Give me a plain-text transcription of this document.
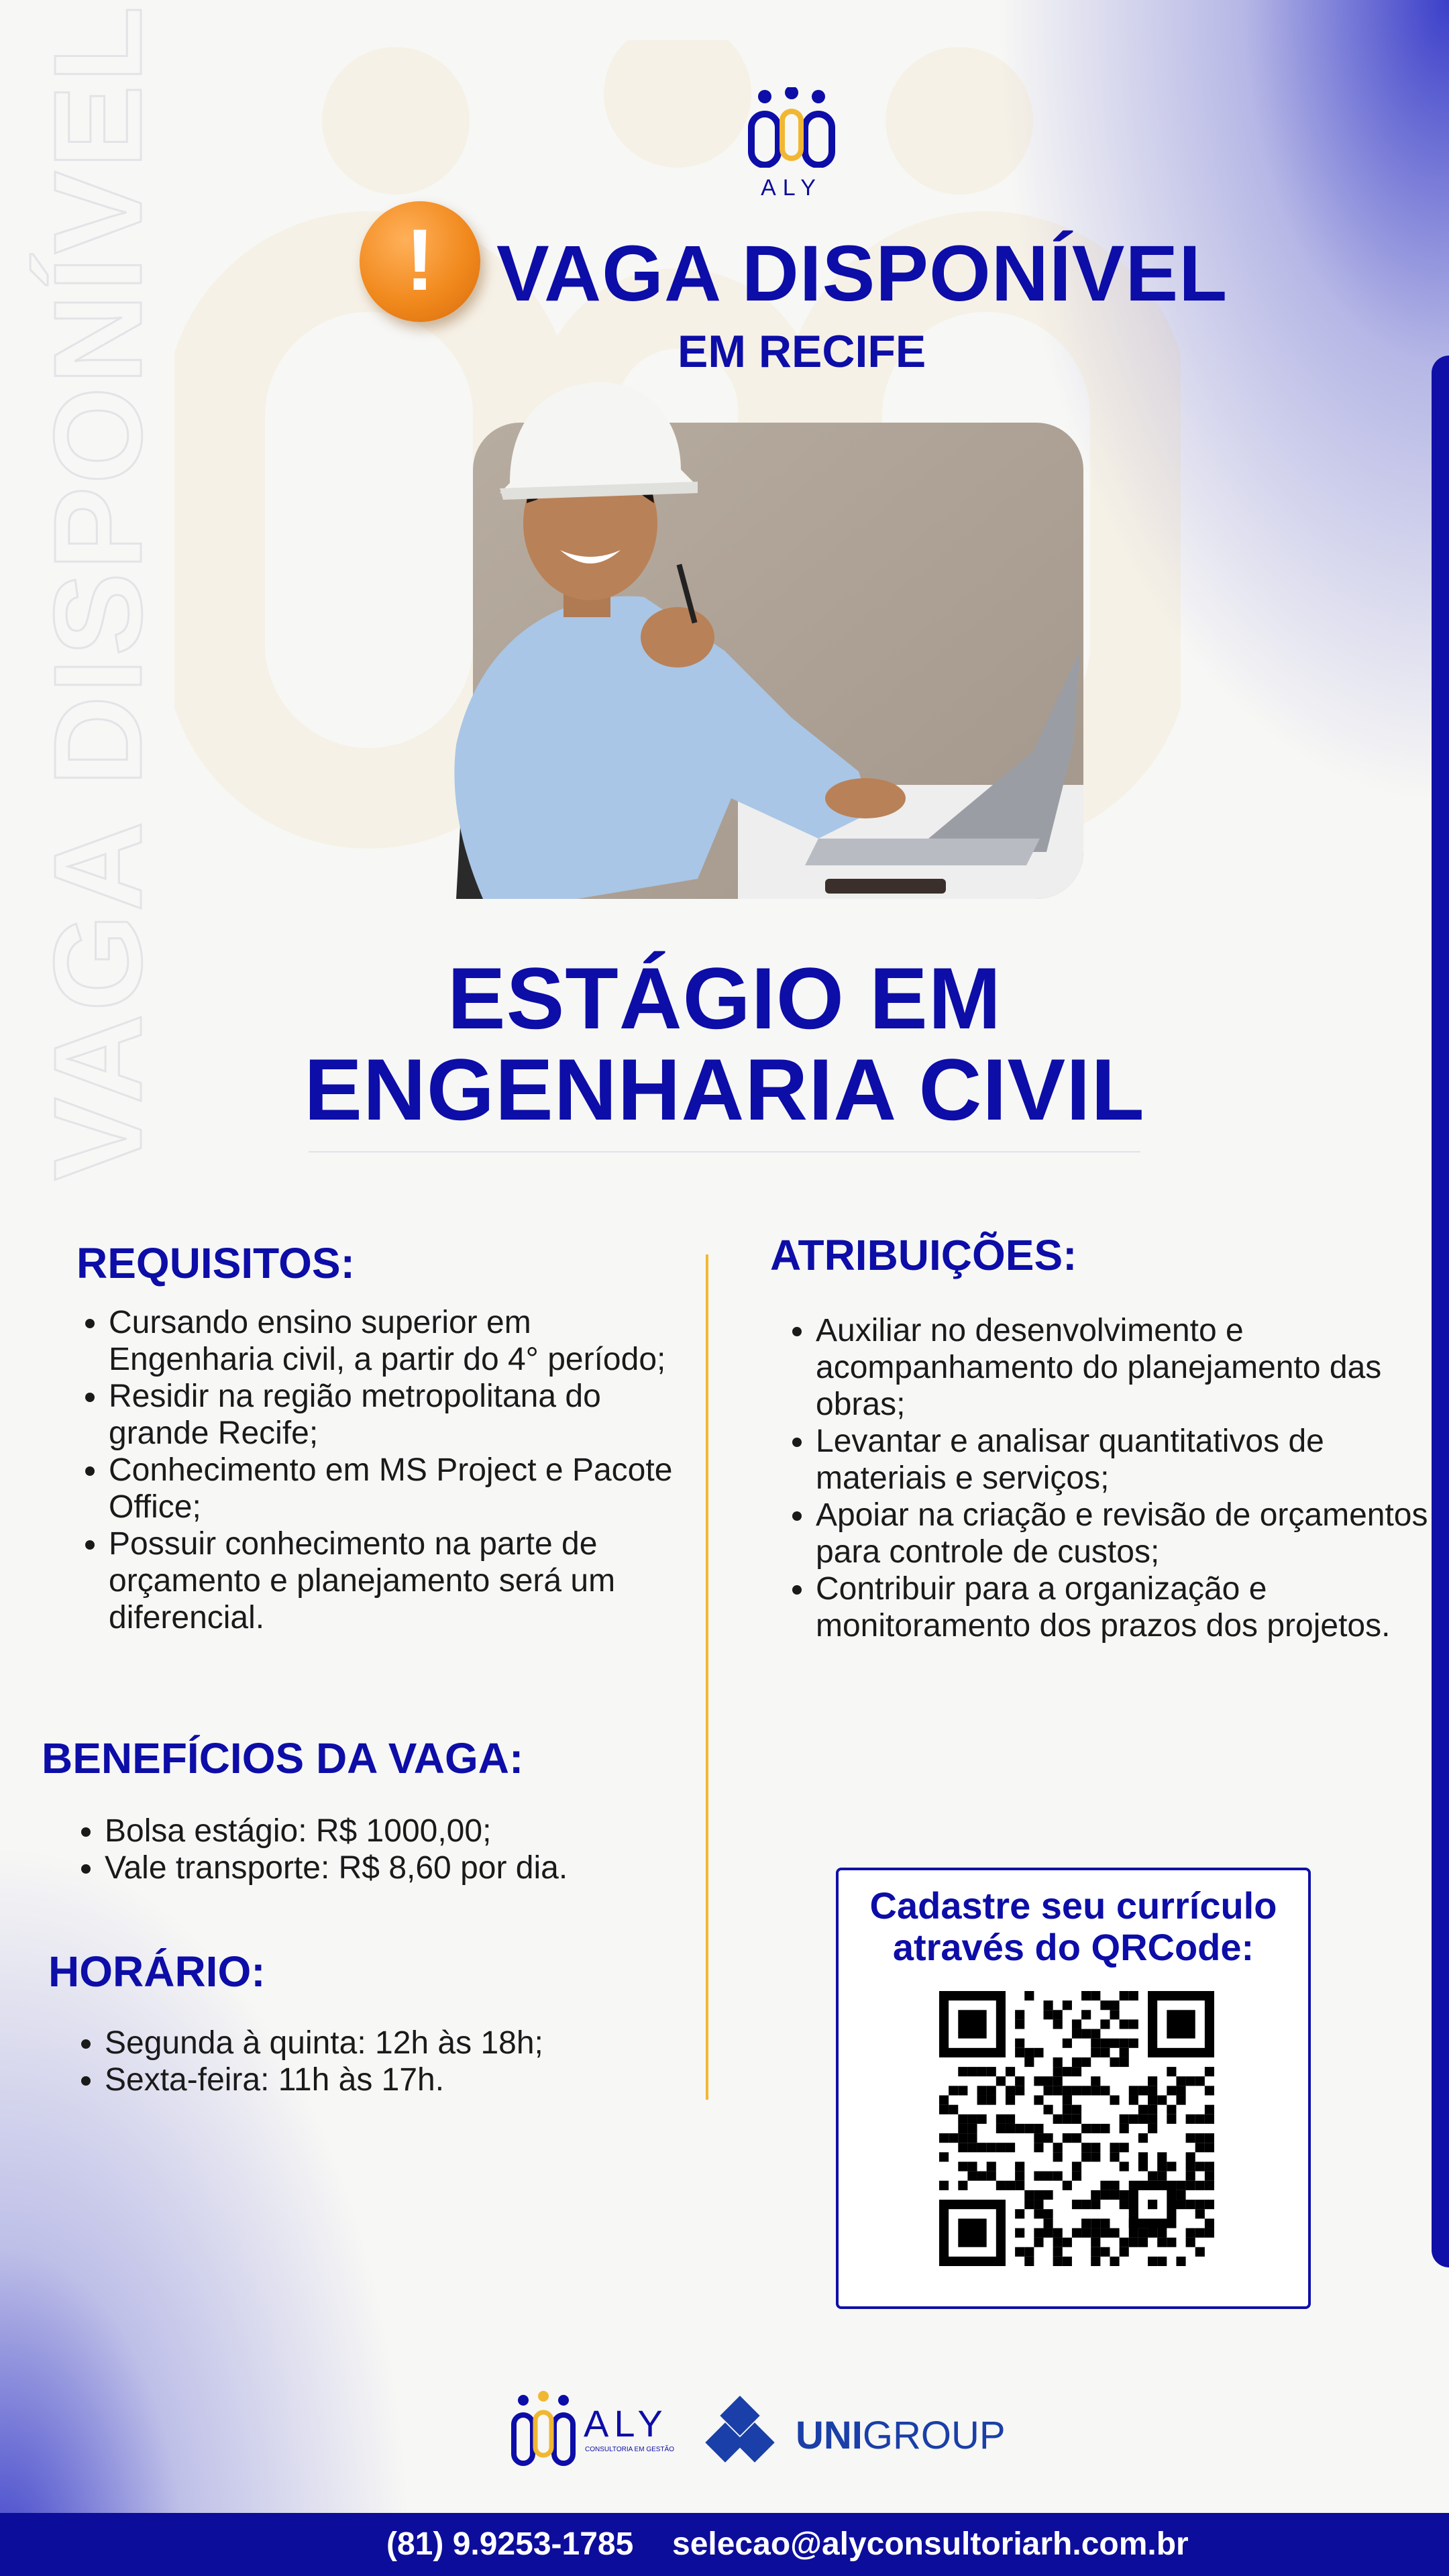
VAGA DISPONÍVEL	ALY
! VAGA DISPONÍVEL
EM RECIFE
ESTÁGIO EM
ENGENHARIA CIVIL
REQUISITOS:
• Cursando ensino superior em Engenharia civil, a partir do 4° período;
• Residir na região metropolitana do grande Recife;
• Conhecimento em MS Project e Pacote Office;
• Possuir conhecimento na parte de orçamento e planejamento será um diferencial.
ATRIBUIÇÕES:
• Auxiliar no desenvolvimento e acompanhamento do planejamento das obras;
• Levantar e analisar quantitativos de materiais e serviços;
• Apoiar na criação e revisão de orçamentos para controle de custos;
• Contribuir para a organização e monitoramento dos prazos dos projetos.
BENEFÍCIOS DA VAGA:
• Bolsa estágio: R$ 1000,00;
• Vale transporte: R$ 8,60 por dia.
HORÁRIO:
• Segunda à quinta: 12h às 18h;
• Sexta-feira: 11h às 17h.
Cadastre seu currículo
através do QRCode:
ALY
CONSULTORIA EM GESTÃO	UNIGROUP
(81) 9.9253-1785 selecao@alyconsultoriarh.com.br
